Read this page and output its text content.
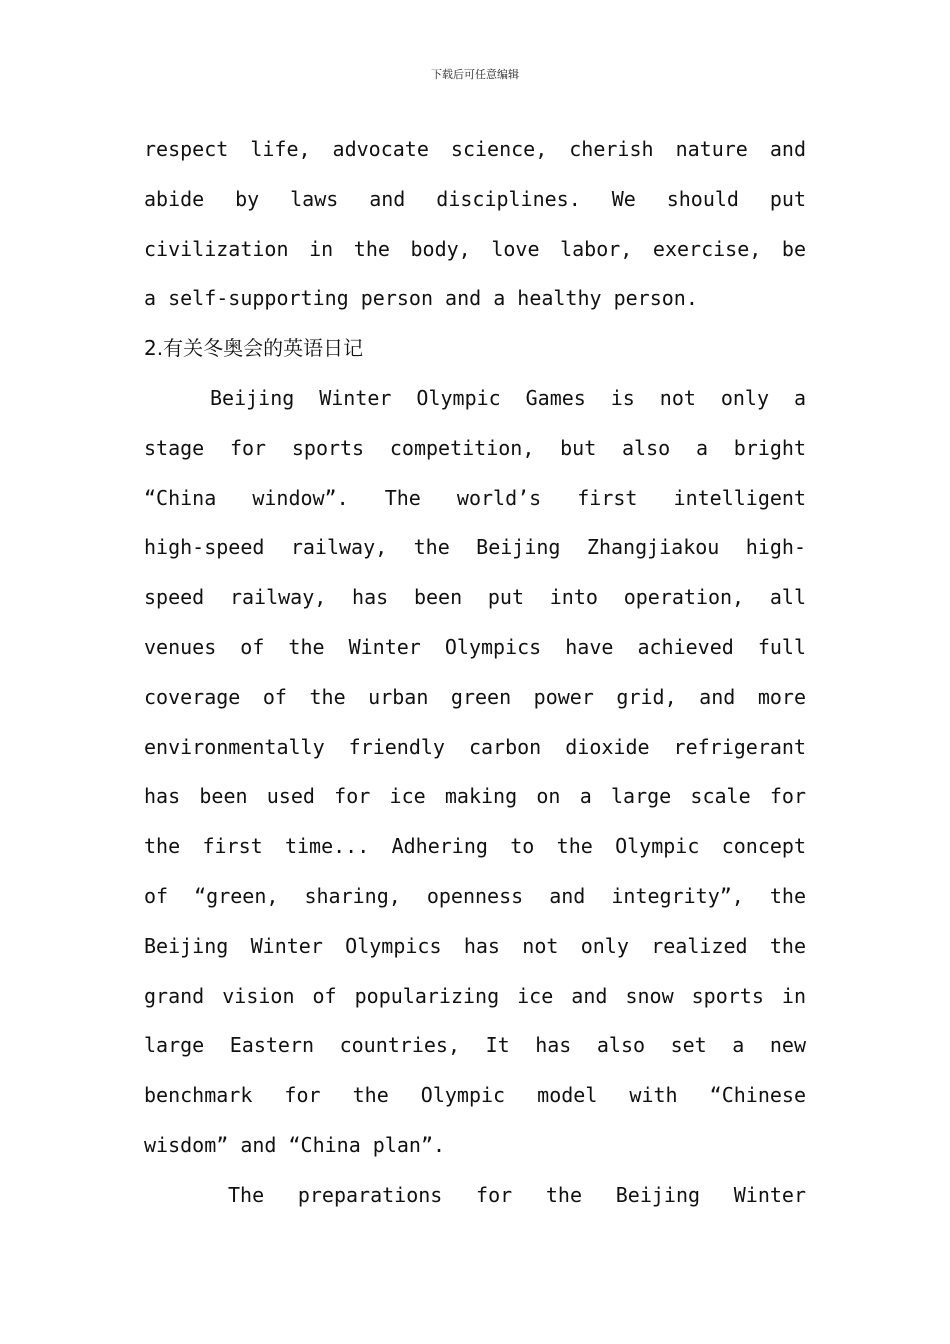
下载后可任意编辑
respect life, advocate science, cherish nature and
abide by laws and disciplines. We should put
civilization in the body, love labor, exercise, be
a self-supporting person and a healthy person.
2.有关冬奥会的英语日记
Beijing Winter Olympic Games is not only a
stage for sports competition, but also a bright
“China window”. The world’s first intelligent
high-speed railway, the Beijing Zhangjiakou high-
speed railway, has been put into operation, all
venues of the Winter Olympics have achieved full
coverage of the urban green power grid, and more
environmentally friendly carbon dioxide refrigerant
has been used for ice making on a large scale for
the first time... Adhering to the Olympic concept
of “green, sharing, openness and integrity”, the
Beijing Winter Olympics has not only realized the
grand vision of popularizing ice and snow sports in
large Eastern countries, It has also set a new
benchmark for the Olympic model with “Chinese
wisdom” and “China plan”.
The preparations for the Beijing Winter
